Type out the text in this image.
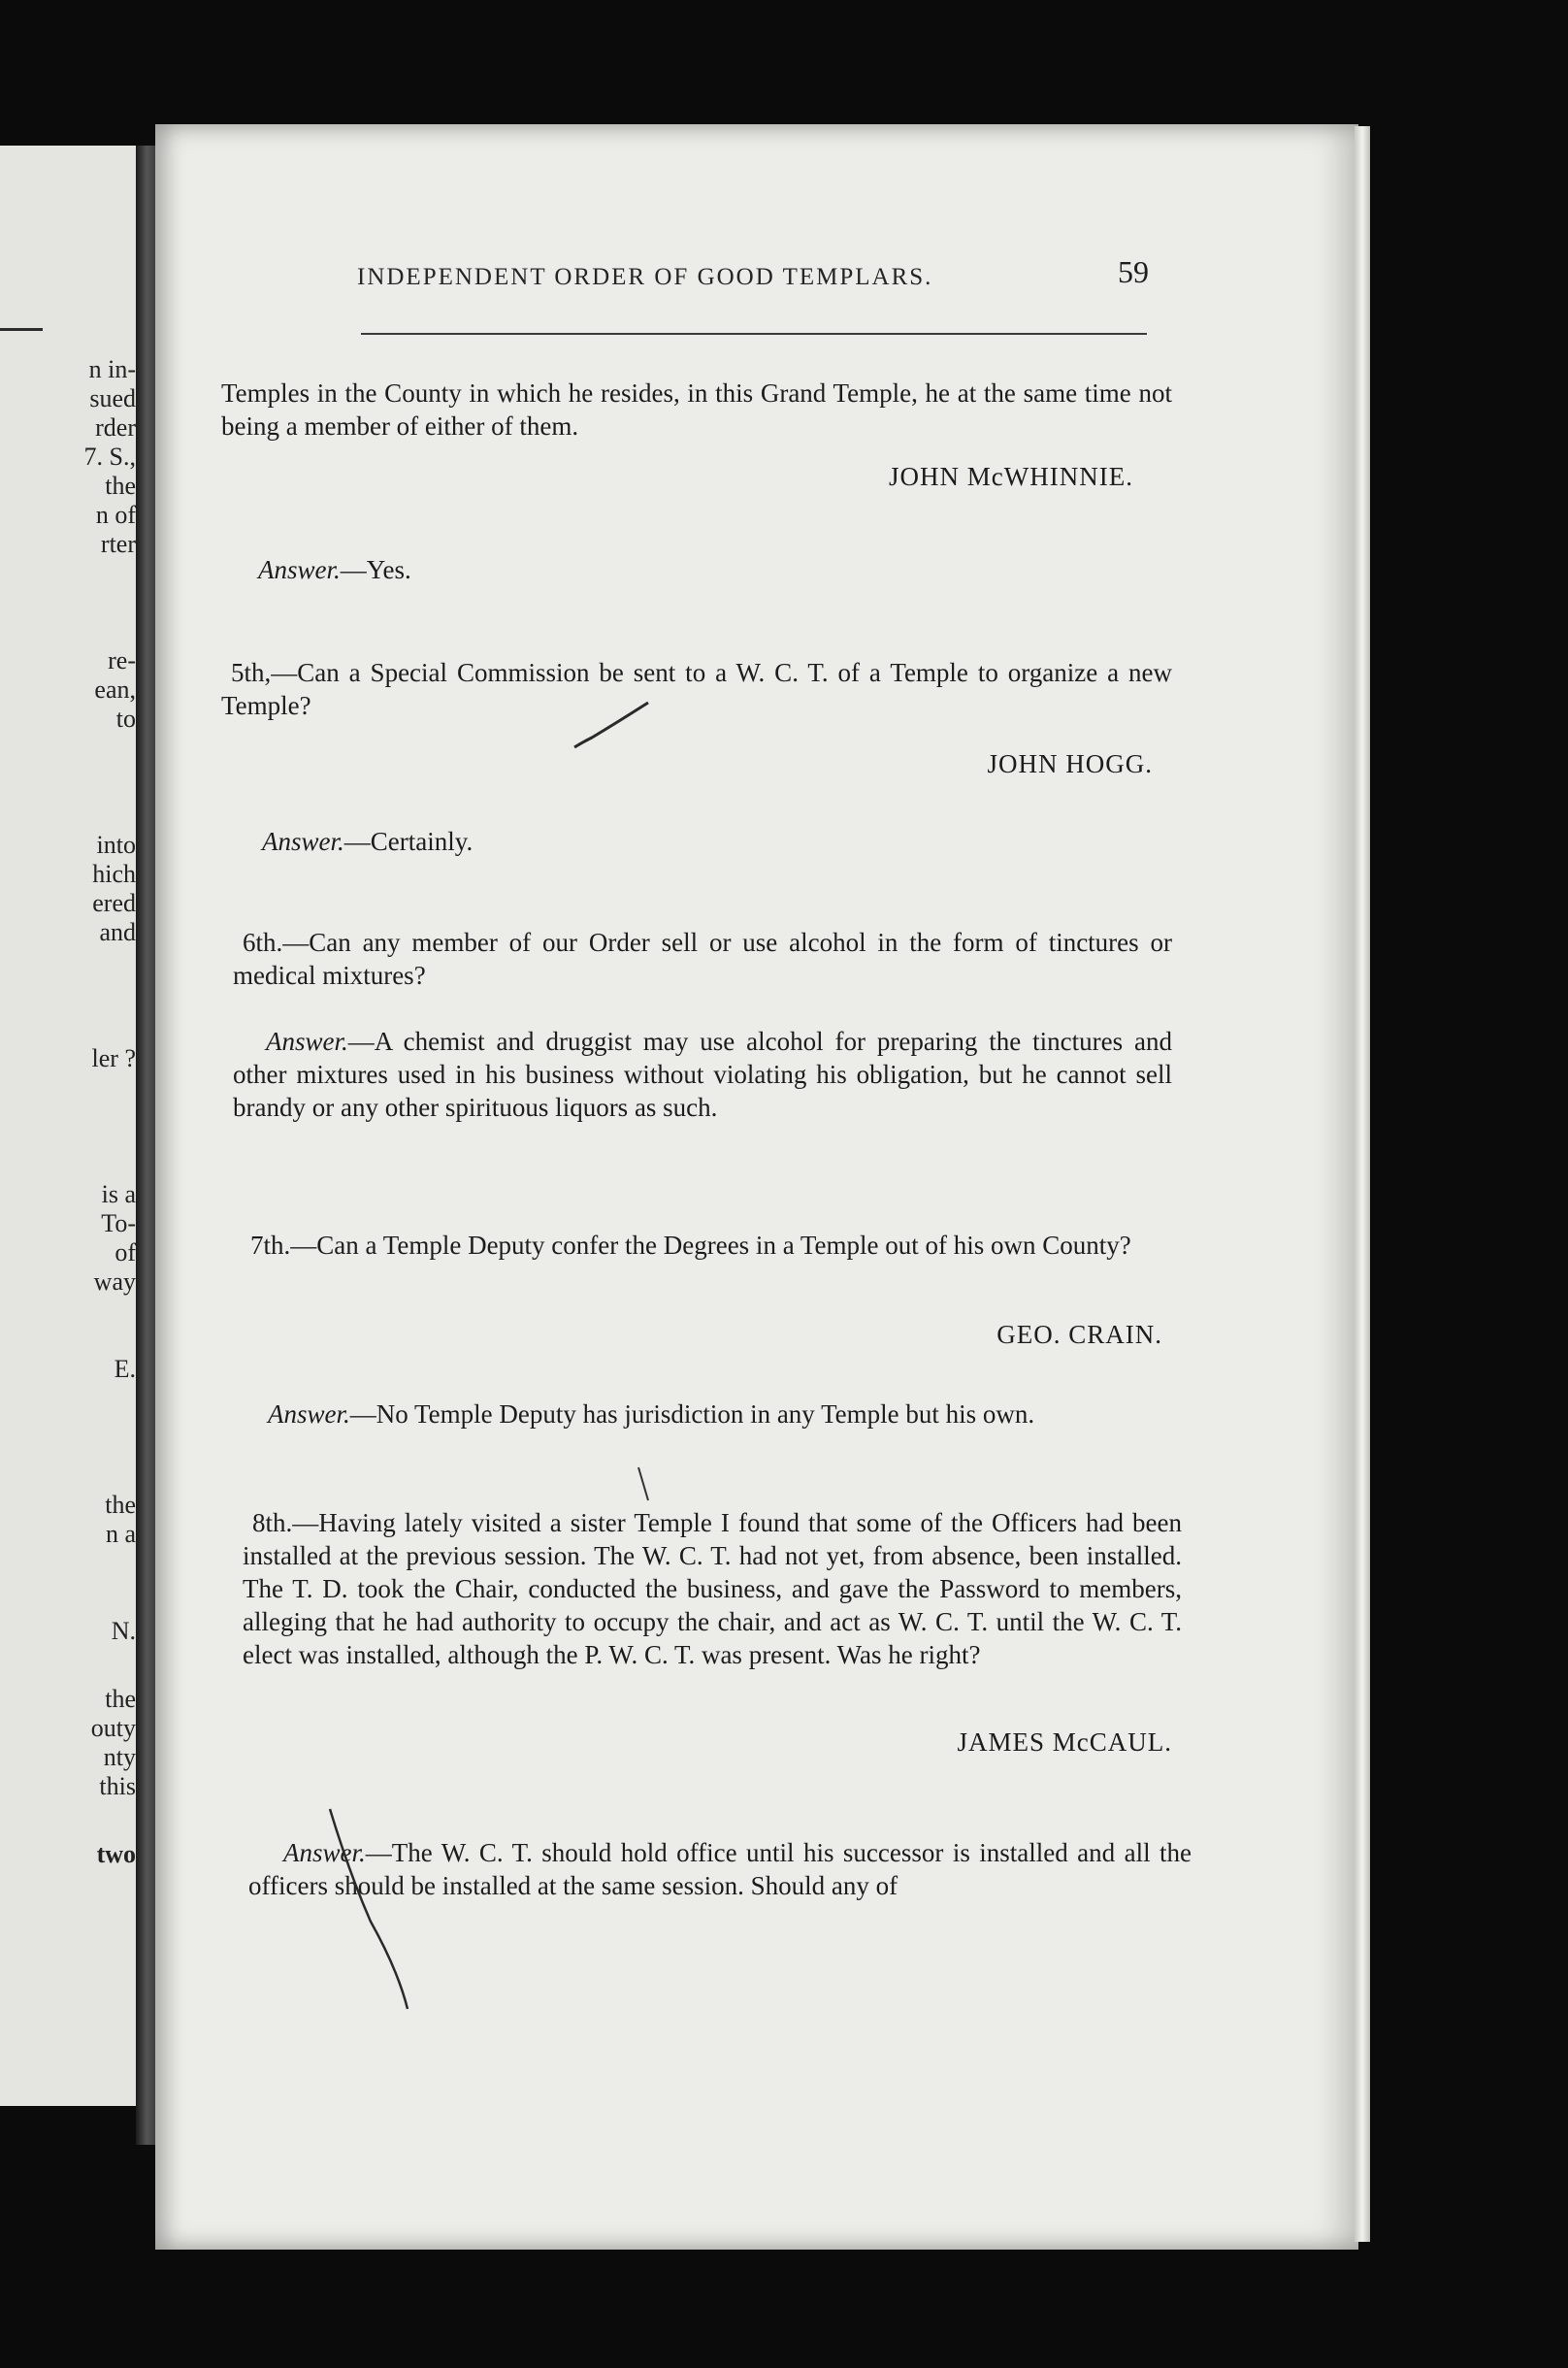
n in-
sued
rder
7. S.,
the
n of
rter
re-
ean,
to
into
hich
ered
and
ler ?
is a
To-
of
way
E.
the
n a
N.
the
outy
nty
this
two
INDEPENDENT ORDER OF GOOD TEMPLARS.	59
Temples in the County in which he resides, in this Grand Temple, he at the same time not being a member of either of them.
JOHN McWHINNIE.
Answer.—Yes.
5th,—Can a Special Commission be sent to a W. C. T. of a Temple to organize a new Temple?
JOHN HOGG.
Answer.—Certainly.
6th.—Can any member of our Order sell or use alcohol in the form of tinctures or medical mixtures?
Answer.—A chemist and druggist may use alcohol for preparing the tinctures and other mixtures used in his business without violating his obligation, but he cannot sell brandy or any other spirituous liquors as such.
7th.—Can a Temple Deputy confer the Degrees in a Temple out of his own County?
GEO. CRAIN.
Answer.—No Temple Deputy has jurisdiction in any Temple but his own.
8th.—Having lately visited a sister Temple I found that some of the Officers had been installed at the previous session. The W. C. T. had not yet, from absence, been installed. The T. D. took the Chair, conducted the business, and gave the Password to members, alleging that he had authority to occupy the chair, and act as W. C. T. until the W. C. T. elect was installed, although the P. W. C. T. was present. Was he right?
JAMES McCAUL.
Answer.—The W. C. T. should hold office until his successor is installed and all the officers should be installed at the same session. Should any of
